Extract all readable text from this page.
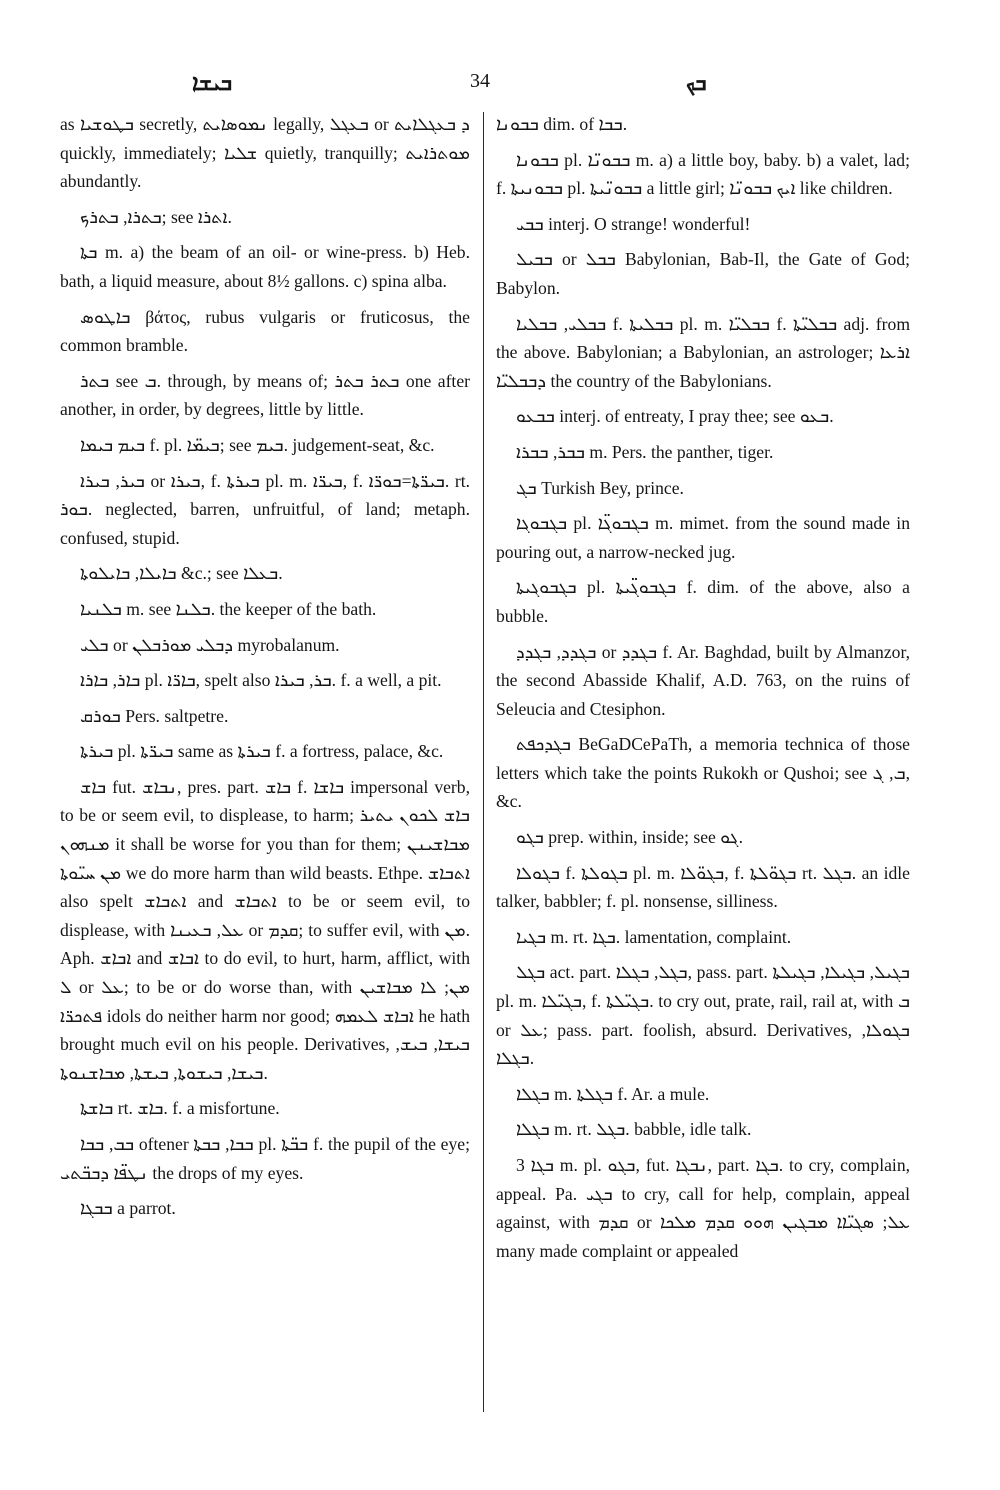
ܒܝܫܐ	34	ܒܟ

as ܒܛܘܫܝܐ secretly, ܢܡܘܣܐܝܬ legally, ܒܥܓܠ or ܕ ܒܥܓܠܐܝܬ quickly, immediately; ܫܠܝܐ quietly, tranquilly; ܡܘܬܪܐܝܬ abundantly.

ܒܬܪܐ, ܒܬܪܟ; see ܐܬܪܐ.

ܒܬܐ m. a) the beam of an oil- or wine-press. b) Heb. bath, a liquid measure, about 8½ gallons. c) spina alba.

ܒܐܛܘܣ βάτος, rubus vulgaris or fruticosus, the common bramble.

ܒܬܪ see ܒ. through, by means of; ܒܬܪ ܒܬܪ one after another, in order, by degrees, little by little.

ܒܝܡ ܒܝܡܐ f. pl. ܒܝܡ̈ܐ; see ܒܝܡ. judgement-seat, &c.

ܒܝܪ, ܒܝܪܐ or ܒܝܪܐ, f. ܒܝܪܬܐ pl. m. ܒܝܪ̈ܐ, f. ܒܝܪ̈ܬܐ=ܒܘܪ̈ܐ. rt. ܒܘܪ. neglected, barren, unfruitful, of land; metaph. confused, stupid.

ܒܐܝܠܐ, ܒܐܝܠܘܬܐ &c.; see ܒܥܠܐ.

ܒܠܢܝܐ m. see ܒܠܢܐ. the keeper of the bath.

ܒܠܝ or ܕܒܠܝ ܡܘܪܒܠܢ myrobalanum.

ܒܐܪ, ܒܐܪܐ pl. ܒܐܪ̈ܐ, spelt also ܒܪ, ܒܝܪܐ. f. a well, a pit.

ܒܘܪܩ Pers. saltpetre.

ܒܝܪܬܐ pl. ܒܝܪ̈ܬܐ same as ܒܝܪܬܐ f. a fortress, palace, &c.

ܒܐܫ fut. ܢܒܐܫ, pres. part. ܒܐܫ f. ܒܐܫܐ impersonal verb, to be or seem evil, to displease, to harm; ܒܐܫ ܠܟܘܢ ܝܬܝܪ ܡܢܗܘܢ it shall be worse for you than for them; ܡܒܐܫܝܢܢ ܡܢ ܚܝ̈ܘܬܐ we do more harm than wild beasts. Ethpe. ܐܬܒܐܫ also spelt ܐܬܒܐܫ and ܐܬܒܐܫ to be or seem evil, to displease, with ܥܠ, ܒܥܝܢܐ or ܩܕܡ; to suffer evil, with ܡܢ. Aph. ܐܒܐܫ and ܐܒܐܫ to do evil, to hurt, harm, afflict, with ܠ or ܥܠ; to be or do worse than, with ܡܢ; ܠܐ ܡܒܐܫܝܢ ܦܬܟܪ̈ܐ idols do neither harm nor good; ܐܒܐܫ ܠܥܡܗ he hath brought much evil on his people. Derivatives, ܒܝܫܐ, ܒܝܫ, ܒܝܫܐ, ܒܝܫܘܬܐ, ܒܝܫܬܐ, ܡܒܐܫܢܘܬܐ.

ܒܐܫܬܐ rt. ܒܐܫ. f. a misfortune.

ܒܒ, ܒܒܐ oftener ܒܒܐ, ܒܒܬܐ pl. ܒܒ̈ܬܐ f. the pupil of the eye; ܢܛܦ̈ܐ ܕܒܒ̈ܬܝ the drops of my eyes.

ܒܒܓܐ a parrot.

ܒܒܘܢܐ dim. of ܒܒܐ.

ܒܒܘܢܐ pl. ܒܒܘܢ̈ܐ m. a) a little boy, baby. b) a valet, lad; f. ܒܒܘܢܝܬܐ pl. ܒܒܘܢ̈ܝܬܐ a little girl; ܐܝܟ ܒܒܘܢ̈ܐ like children.

ܒܒܝ interj. O strange! wonderful!

ܒܒܝܠ or ܒܒܠ Babylonian, Bab-Il, the Gate of God; Babylon.

ܒܒܠܝ, ܒܒܠܝܐ f. ܒܒܠܝܬܐ pl. m. ܒܒܠܝ̈ܐ f. ܒܒܠܝ̈ܬܐ adj. from the above. Babylonian; a Babylonian, an astrologer; ܐܪܥܐ ܕܒܒܠܝ̈ܐ the country of the Babylonians.

ܒܒܥܘ interj. of entreaty, I pray thee; see ܒܥܘ.

ܒܒܪ, ܒܒܪܐ m. Pers. the panther, tiger.

ܒܓ Turkish Bey, prince.

ܒܓܒܘܓܐ pl. ܒܓܒܘܓ̈ܐ m. mimet. from the sound made in pouring out, a narrow-necked jug.

ܒܓܒܘܓܝܬܐ pl. ܒܓܒܘܓ̈ܝܬܐ f. dim. of the above, also a bubble.

ܒܓܕܕ, ܒܓܕܕ or ܒܓܕܕ f. Ar. Baghdad, built by Almanzor, the second Abasside Khalif, A.D. 763, on the ruins of Seleucia and Ctesiphon.

ܒܓܕܟܦܬ BeGaDCePaTh, a memoria technica of those letters which take the points Rukokh or Qushoi; see ܒ, ܓ, &c.

ܒܓܘ prep. within, inside; see ܓܘ.

ܒܓܘܠܐ f. ܒܓܘܠܬܐ pl. m. ܒܓܘ̈ܠܐ, f. ܒܓܘ̈ܠܬܐ rt. ܒܓܠ. an idle talker, babbler; f. pl. nonsense, silliness.

ܒܓܝܐ m. rt. ܒܓܐ. lamentation, complaint.

ܒܓܠ act. part. ܒܓܠ, ܒܓܠܐ, pass. part. ܒܓܝܠ, ܒܓܝܠܐ, ܒܓܝܠܬܐ pl. m. ܒܓܝ̈ܠܐ, f. ܒܓܝ̈ܠܬܐ. to cry out, prate, rail, rail at, with ܒ or ܥܠ; pass. part. foolish, absurd. Derivatives, ܒܓܘܠܐ, ܒܓܠܐ.

ܒܓܠܐ m. ܒܓܠܬܐ f. Ar. a mule.

ܒܓܠܐ m. rt. ܒܓܠ. babble, idle talk.

ܒܓܐ 3 m. pl. ܒܓܘ, fut. ܢܒܓܐ, part. ܒܓܐ. to cry, complain, appeal. Pa. ܒܓܝ to cry, call for help, complain, appeal against, with ܩܕܡ or ܥܠ; ܣܓܝ̈ܐܐ ܡܒܓܝܢ ܗܘܘ ܩܕܡ ܡܠܟܐ many made complaint or appealed
